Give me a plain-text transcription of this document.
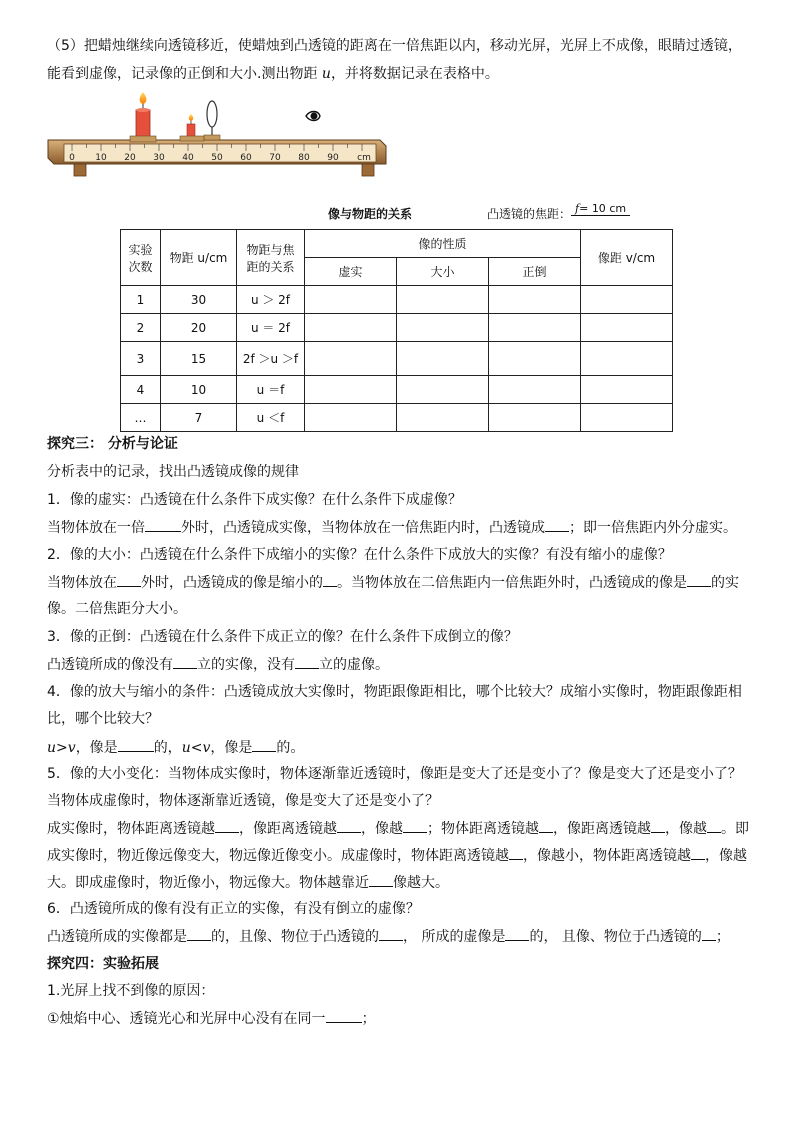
（5）把蜡烛继续向透镜移近，使蜡烛到凸透镜的距离在一倍焦距以内，移动光屏，光屏上不成像，眼睛过透镜，
能看到虚像，记录像的正倒和大小.测出物距 u，并将数据记录在表格中。
0 10 20 30 40 50 60 70 80 90 cm
像与物距的关系	凸透镜的焦距： f= 10 cm
实验
次数	物距 u/cm	物距与焦
距的关系	像的性质			像距 v/cm
			虚实	大小	正倒	
1	30	u ＞ 2f				
2	20	u ＝ 2f				
3	15	2f ＞u ＞f				
4	10	u ＝f				
…	7	u ＜f				
探究三： 分析与论证
分析表中的记录，找出凸透镜成像的规律
1．像的虚实：凸透镜在什么条件下成实像？在什么条件下成虚像？
当物体放在一倍	外时，凸透镜成实像，当物体放在一倍焦距内时，凸透镜成 ；即一倍焦距内外分虚实。
2．像的大小：凸透镜在什么条件下成缩小的实像？在什么条件下成放大的实像？有没有缩小的虚像？
当物体放在 外时，凸透镜成的像是缩小的 。当物体放在二倍焦距内一倍焦距外时，凸透镜成的像是 的实
像。二倍焦距分大小。
3．像的正倒：凸透镜在什么条件下成正立的像？在什么条件下成倒立的像？
凸透镜所成的像没有 立的实像，没有 立的虚像。
4．像的放大与缩小的条件：凸透镜成放大实像时，物距跟像距相比，哪个比较大？成缩小实像时，物距跟像距相
比，哪个比较大？
u>v，像是	的，u<v，像是 的。
5．像的大小变化：当物体成实像时，物体逐渐靠近透镜时，像距是变大了还是变小了？像是变大了还是变小了？
当物体成虚像时，物体逐渐靠近透镜，像是变大了还是变小了？
成实像时，物体距离透镜越 ，像距离透镜越 ，像越 ；物体距离透镜越 ，像距离透镜越 ，像越 。即
成实像时，物近像远像变大，物远像近像变小。成虚像时，物体距离透镜越 ，像越小，物体距离透镜越 ，像越
大。即成虚像时，物近像小，物远像大。物体越靠近 像越大。
6．凸透镜所成的像有没有正立的实像，有没有倒立的虚像？
凸透镜所成的实像都是 的，且像、物位于凸透镜的 ， 所成的虚像是 的， 且像、物位于凸透镜的 ；
探究四：实验拓展
1.光屏上找不到像的原因：
①烛焰中心、透镜光心和光屏中心没有在同一	；
